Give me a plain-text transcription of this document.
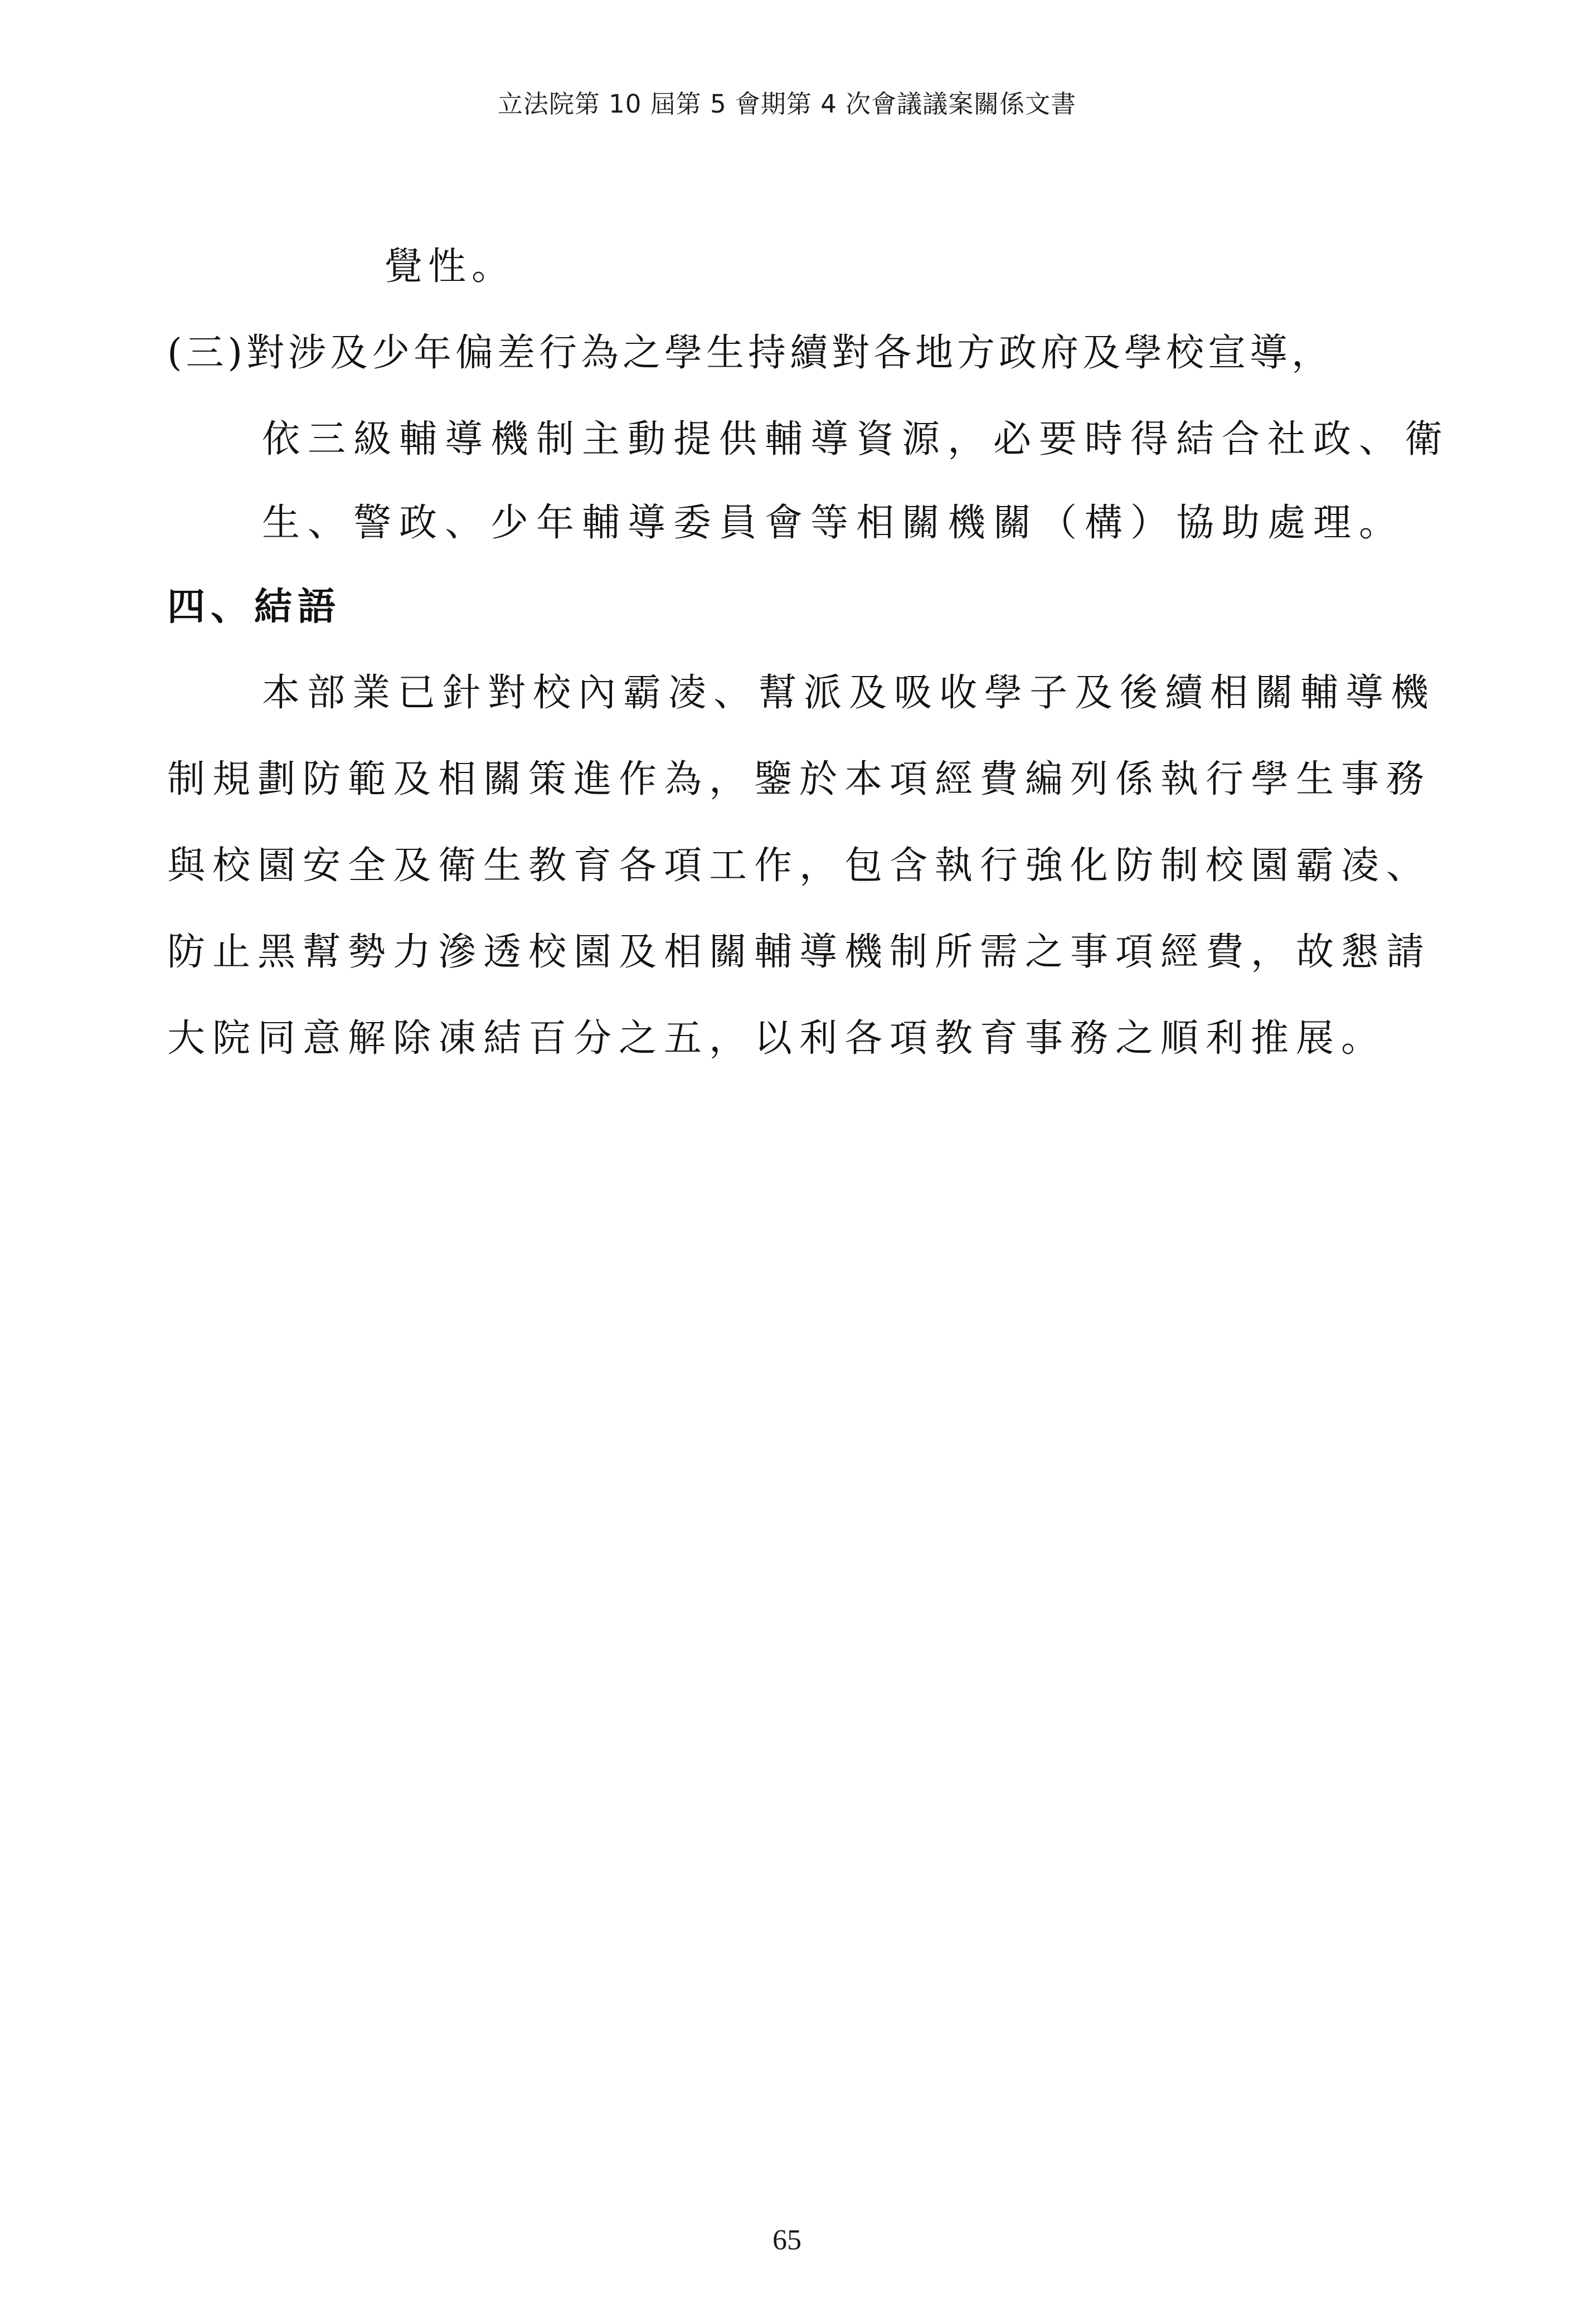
立法院第 10 屆第 5 會期第 4 次會議議案關係文書
覺性。
(三)對涉及少年偏差行為之學生持續對各地方政府及學校宣導，
依三級輔導機制主動提供輔導資源，必要時得結合社政、衛
生、警政、少年輔導委員會等相關機關（構）協助處理。
四、結語
本部業已針對校內霸凌、幫派及吸收學子及後續相關輔導機
制規劃防範及相關策進作為，鑒於本項經費編列係執行學生事務
與校園安全及衛生教育各項工作，包含執行強化防制校園霸凌、
防止黑幫勢力滲透校園及相關輔導機制所需之事項經費，故懇請
大院同意解除凍結百分之五，以利各項教育事務之順利推展。
65
